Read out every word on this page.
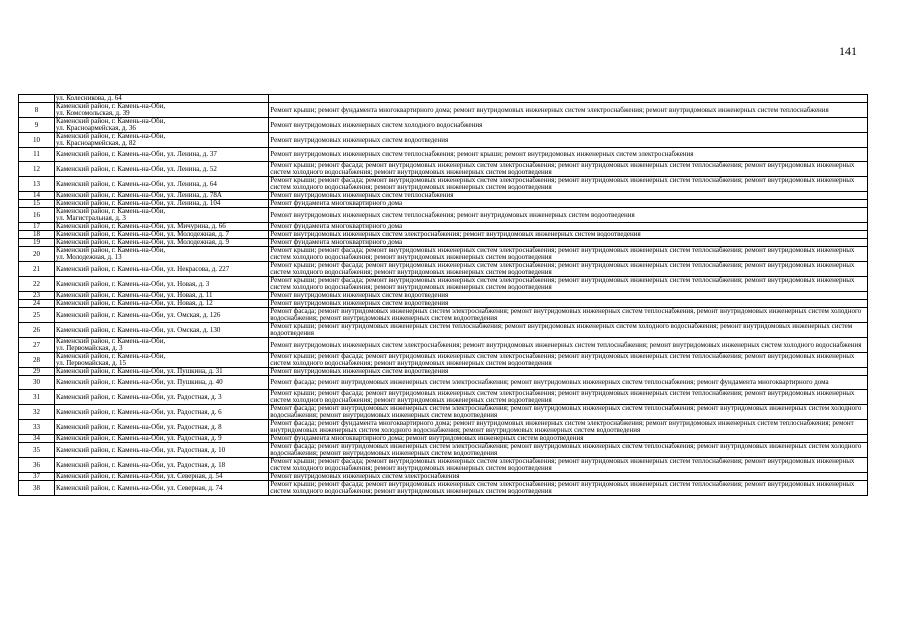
141
	ул. Колесникова, д. 64	
8	Каменский район, г. Камень-на-Оби,
ул. Комсомольская, д. 39	Ремонт крыши; ремонт фундамента многоквартирного дома; ремонт внутридомовых инженерных систем электроснабжения; ремонт внутридомовых инженерных систем теплоснабжения
9	Каменский район, г. Камень-на-Оби,
ул. Красноармейская, д. 36	Ремонт внутридомовых инженерных систем холодного водоснабжения
10	Каменский район, г. Камень-на-Оби,
ул. Красноармейская, д. 82	Ремонт внутридомовых инженерных систем водоотведения
11	Каменский район, г. Камень-на-Оби, ул. Ленина, д. 37	Ремонт внутридомовых инженерных систем теплоснабжения; ремонт крыши; ремонт внутридомовых инженерных систем электроснабжения
12	Каменский район, г. Камень-на-Оби, ул. Ленина, д. 52	Ремонт крыши; ремонт фасада; ремонт внутридомовых инженерных систем электроснабжения; ремонт внутридомовых инженерных систем теплоснабжения; ремонт внутридомовых инженерных систем холодного водоснабжения; ремонт внутридомовых инженерных систем водоотведения
13	Каменский район, г. Камень-на-Оби, ул. Ленина, д. 64	Ремонт крыши; ремонт фасада; ремонт внутридомовых инженерных систем электроснабжения; ремонт внутридомовых инженерных систем теплоснабжения; ремонт внутридомовых инженерных систем холодного водоснабжения; ремонт внутридомовых инженерных систем водоотведения
14	Каменский район, г. Камень-на-Оби, ул. Ленина, д. 78А	Ремонт внутридомовых инженерных систем теплоснабжения
15	Каменский район, г. Камень-на-Оби, ул. Ленина, д. 104	Ремонт фундамента многоквартирного дома
16	Каменский район, г. Камень-на-Оби,
ул. Магистральная, д. 3	Ремонт внутридомовых инженерных систем теплоснабжения; ремонт внутридомовых инженерных систем водоотведения
17	Каменский район, г. Камень-на-Оби, ул. Мичурина, д. 66	Ремонт фундамента многоквартирного дома
18	Каменский район, г. Камень-на-Оби, ул. Молодежная, д. 7	Ремонт внутридомовых инженерных систем электроснабжения; ремонт внутридомовых инженерных систем водоотведения
19	Каменский район, г. Камень-на-Оби, ул. Молодежная, д. 9	Ремонт фундамента многоквартирного дома
20	Каменский район, г. Камень-на-Оби,
ул. Молодежная, д. 13	Ремонт крыши; ремонт фасада; ремонт внутридомовых инженерных систем электроснабжения; ремонт внутридомовых инженерных систем теплоснабжения; ремонт внутридомовых инженерных систем холодного водоснабжения; ремонт внутридомовых инженерных систем водоотведения
21	Каменский район, г. Камень-на-Оби, ул. Некрасова, д. 227	Ремонт крыши; ремонт фасада; ремонт внутридомовых инженерных систем электроснабжения; ремонт внутридомовых инженерных систем теплоснабжения; ремонт внутридомовых инженерных систем холодного водоснабжения; ремонт внутридомовых инженерных систем водоотведения
22	Каменский район, г. Камень-на-Оби, ул. Новая, д. 3	Ремонт крыши; ремонт фасада; ремонт внутридомовых инженерных систем электроснабжения; ремонт внутридомовых инженерных систем теплоснабжения; ремонт внутридомовых инженерных систем холодного водоснабжения; ремонт внутридомовых инженерных систем водоотведения
23	Каменский район, г. Камень-на-Оби, ул. Новая, д. 11	Ремонт внутридомовых инженерных систем водоотведения
24	Каменский район, г. Камень-на-Оби, ул. Новая, д. 12	Ремонт внутридомовых инженерных систем водоотведения
25	Каменский район, г. Камень-на-Оби, ул. Омская, д. 126	Ремонт фасада; ремонт внутридомовых инженерных систем электроснабжения; ремонт внутридомовых инженерных систем теплоснабжения, ремонт внутридомовых инженерных систем холодного водоснабжения; ремонт внутридомовых инженерных систем водоотведения
26	Каменский район, г. Камень-на-Оби, ул. Омская, д. 130	Ремонт крыши; ремонт внутридомовых инженерных систем теплоснабжения; ремонт внутридомовых инженерных систем холодного водоснабжения; ремонт внутридомовых инженерных систем водоотведения
27	Каменский район, г. Камень-на-Оби,
ул. Первомайская, д. 3	Ремонт внутридомовых инженерных систем электроснабжения; ремонт внутридомовых инженерных систем теплоснабжения; ремонт внутридомовых инженерных систем холодного водоснабжения
28	Каменский район, г. Камень-на-Оби,
ул. Первомайская, д. 15	Ремонт крыши; ремонт фасада; ремонт внутридомовых инженерных систем электроснабжения; ремонт внутридомовых инженерных систем теплоснабжения; ремонт внутридомовых инженерных систем холодного водоснабжения; ремонт внутридомовых инженерных систем водоотведения
29	Каменский район, г. Камень-на-Оби, ул. Пушкина, д. 31	Ремонт внутридомовых инженерных систем водоотведения
30	Каменский район, г. Камень-на-Оби, ул. Пушкина, д. 40	Ремонт фасада; ремонт внутридомовых инженерных систем электроснабжения; ремонт внутридомовых инженерных систем теплоснабжения; ремонт фундамента многоквартирного дома
31	Каменский район, г. Камень-на-Оби, ул. Радостная, д. 3	Ремонт крыши; ремонт фасада; ремонт внутридомовых инженерных систем электроснабжения; ремонт внутридомовых инженерных систем теплоснабжения; ремонт внутридомовых инженерных систем холодного водоснабжения; ремонт внутридомовых инженерных систем водоотведения
32	Каменский район, г. Камень-на-Оби, ул. Радостная, д. 6	Ремонт фасада; ремонт внутридомовых инженерных систем электроснабжения; ремонт внутридомовых инженерных систем теплоснабжения; ремонт внутридомовых инженерных систем холодного водоснабжения; ремонт внутридомовых инженерных систем водоотведения
33	Каменский район, г. Камень-на-Оби, ул. Радостная, д. 8	Ремонт фасада; ремонт фундамента многоквартирного дома; ремонт внутридомовых инженерных систем электроснабжения; ремонт внутридомовых инженерных систем теплоснабжения; ремонт внутридомовых инженерных систем холодного водоснабжения; ремонт внутридомовых инженерных систем водоотведения
34	Каменский район, г. Камень-на-Оби, ул. Радостная, д. 9	Ремонт фундамента многоквартирного дома; ремонт внутридомовых инженерных систем водоотведения
35	Каменский район, г. Камень-на-Оби, ул. Радостная, д. 10	Ремонт фасада; ремонт внутридомовых инженерных систем электроснабжения; ремонт внутридомовых инженерных систем теплоснабжения; ремонт внутридомовых инженерных систем холодного водоснабжения; ремонт внутридомовых инженерных систем водоотведения
36	Каменский район, г. Камень-на-Оби, ул. Радостная, д. 18	Ремонт крыши; ремонт фасада; ремонт внутридомовых инженерных систем электроснабжения; ремонт внутридомовых инженерных систем теплоснабжения; ремонт внутридомовых инженерных систем холодного водоснабжения; ремонт внутридомовых инженерных систем водоотведения
37	Каменский район, г. Камень-на-Оби, ул. Северная, д. 54	Ремонт внутридомовых инженерных систем электроснабжения
38	Каменский район, г. Камень-на-Оби, ул. Северная, д. 74	Ремонт крыши; ремонт фасада; ремонт внутридомовых инженерных систем электроснабжения; ремонт внутридомовых инженерных систем теплоснабжения; ремонт внутридомовых инженерных систем холодного водоснабжения; ремонт внутридомовых инженерных систем водоотведения
